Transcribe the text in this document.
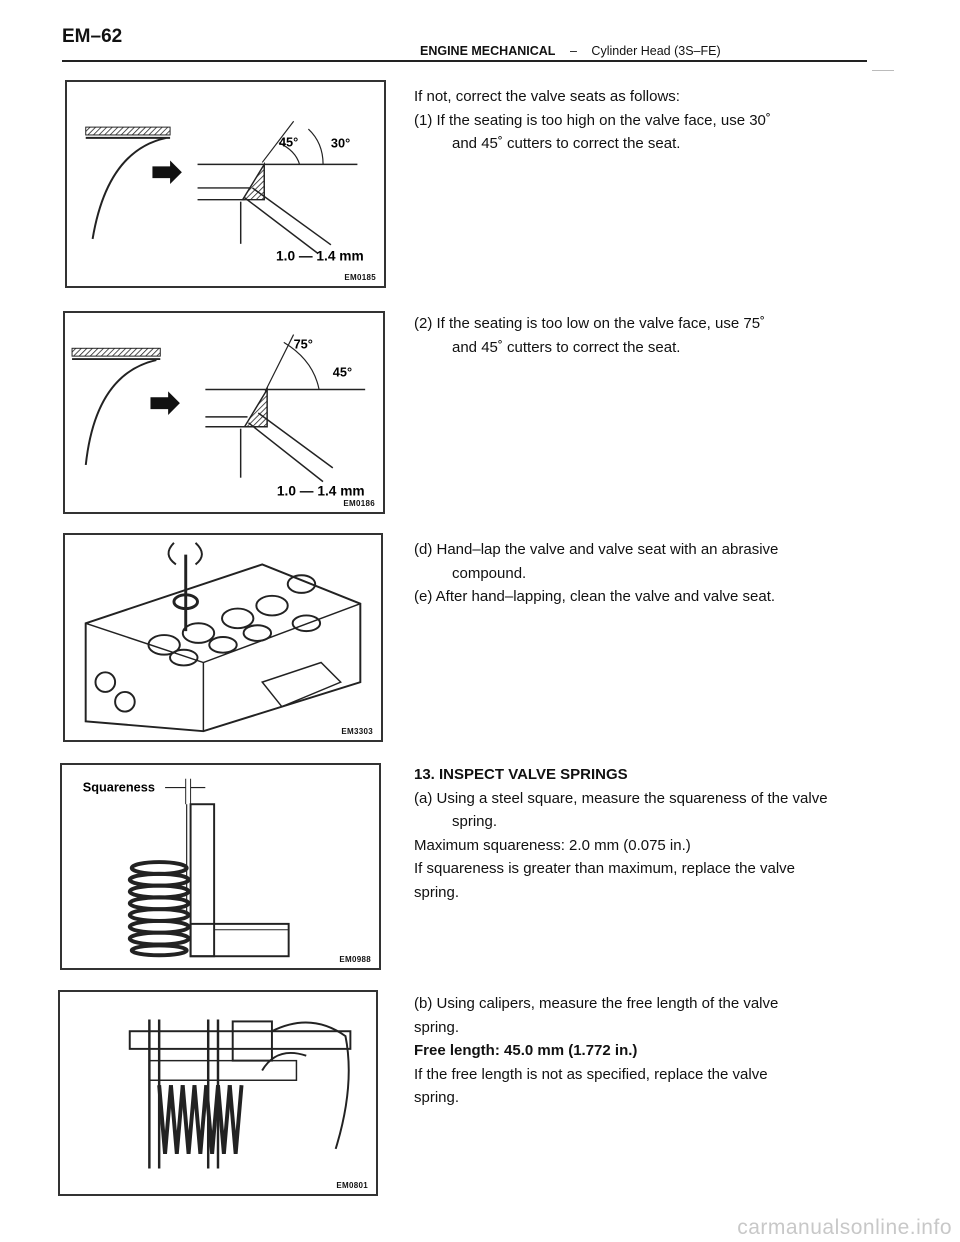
EM–62
ENGINE MECHANICAL – Cylinder Head (3S–FE)
45°	30°
1.0 — 1.4 mm
EM0185
75°
45°
1.0 — 1.4 mm
EM0186
EM3303
Squareness
EM0988
EM0801

If not, correct the valve seats as follows:

(1) If the seating is too high on the valve face, use 30˚

and 45˚ cutters to correct the seat.

(2) If the seating is too low on the valve face, use 75˚

and 45˚ cutters to correct the seat.

(d) Hand–lap the valve and valve seat with an abrasive

compound.

(e) After hand–lapping, clean the valve and valve seat.

13. INSPECT VALVE SPRINGS

(a) Using a steel square, measure the squareness of the valve

spring.

Maximum squareness: 2.0 mm (0.075 in.)

If squareness is greater than maximum, replace the valve

spring.

(b) Using calipers, measure the free length of the valve

spring.

Free length: 45.0 mm (1.772 in.)

If the free length is not as specified, replace the valve

spring.

carmanualsonline.info
